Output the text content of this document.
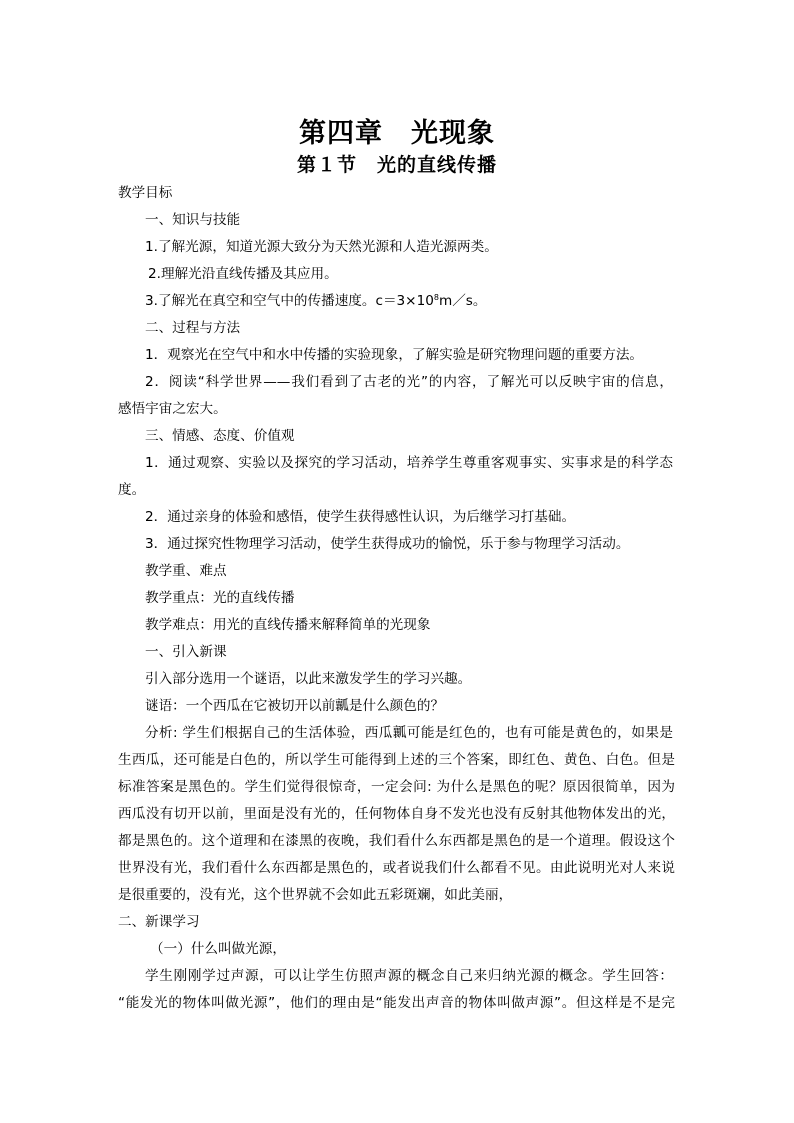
第四章　光现象
第１节　光的直线传播
教学目标
一、知识与技能
1.了解光源，知道光源大致分为天然光源和人造光源两类。
2.理解光沿直线传播及其应用。
3.了解光在真空和空气中的传播速度。$c=3\times 10^8m/s$。
二、过程与方法
1．观察光在空气中和水中传播的实验现象，了解实验是研究物理问题的重要方法。
2．阅读“科学世界——我们看到了古老的光”的内容，了解光可以反映宇宙的信息，
感悟宇宙之宏大。
三、情感、态度、价值观
1．通过观察、实验以及探究的学习活动，培养学生尊重客观事实、实事求是的科学态
度。
2．通过亲身的体验和感悟，使学生获得感性认识，为后继学习打基础。
3．通过探究性物理学习活动，使学生获得成功的愉悦，乐于参与物理学习活动。
教学重、难点
教学重点：光的直线传播
教学难点：用光的直线传播来解释简单的光现象
一、引入新课
引入部分选用一个谜语，以此来激发学生的学习兴趣。
谜语：一个西瓜在它被切开以前瓤是什么颜色的？
分析: 学生们根据自己的生活体验，西瓜瓤可能是红色的，也有可能是黄色的，如果是
生西瓜，还可能是白色的，所以学生可能得到上述的三个答案，即红色、黄色、白色。但是
标准答案是黑色的。学生们觉得很惊奇，一定会问: 为什么是黑色的呢？原因很简单，因为
西瓜没有切开以前，里面是没有光的，任何物体自身不发光也没有反射其他物体发出的光，
都是黑色的。这个道理和在漆黑的夜晚，我们看什么东西都是黑色的是一个道理。假设这个
世界没有光，我们看什么东西都是黑色的，或者说我们什么都看不见。由此说明光对人来说
是很重要的，没有光，这个世界就不会如此五彩斑斓，如此美丽，
二、新课学习
（一）什么叫做光源，
学生刚刚学过声源，可以让学生仿照声源的概念自己来归纳光源的概念。学生回答：
“能发光的物体叫做光源”，他们的理由是“能发出声音的物体叫做声源”。但这样是不是完
